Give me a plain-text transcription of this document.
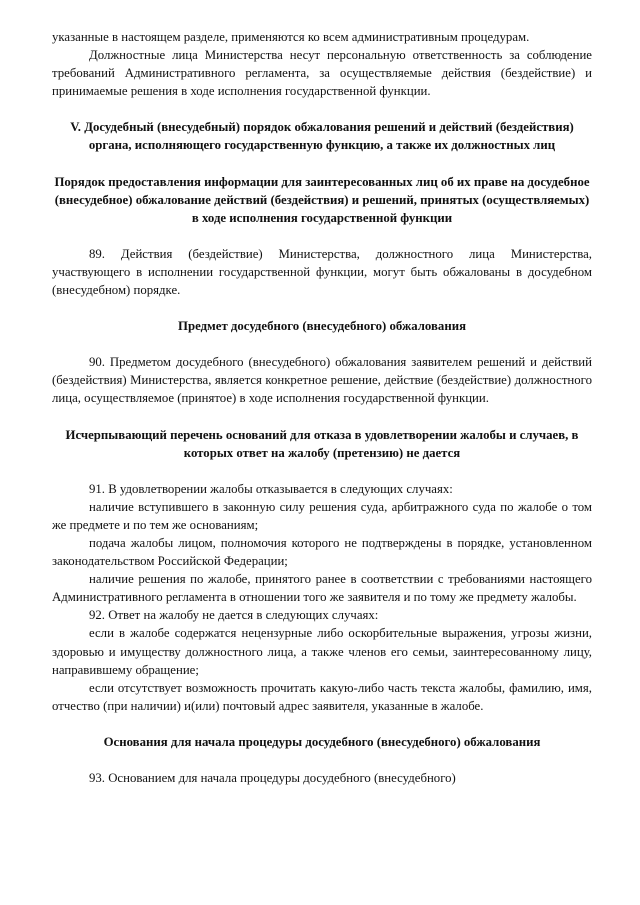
указанные в настоящем разделе, применяются ко всем административным процедурам.

Должностные лица Министерства несут персональную ответственность за соблюдение требований Административного регламента, за осуществляемые действия (бездействие) и принимаемые решения в ходе исполнения государственной функции.

V. Досудебный (внесудебный) порядок обжалования решений и действий (бездействия) органа, исполняющего государственную функцию, а также их должностных лиц
Порядок предоставления информации для заинтересованных лиц об их праве на досудебное (внесудебное) обжалование действий (бездействия) и решений, принятых (осуществляемых) в ходе исполнения государственной функции

89. Действия (бездействие) Министерства, должностного лица Министерства, участвующего в исполнении государственной функции, могут быть обжалованы в досудебном (внесудебном) порядке.

Предмет досудебного (внесудебного) обжалования

90. Предметом досудебного (внесудебного) обжалования заявителем решений и действий (бездействия) Министерства, является конкретное решение, действие (бездействие) должностного лица, осуществляемое (принятое) в ходе исполнения государственной функции.

Исчерпывающий перечень оснований для отказа в удовлетворении жалобы и случаев, в которых ответ на жалобу (претензию) не дается

91. В удовлетворении жалобы отказывается в следующих случаях:

наличие вступившего в законную силу решения суда, арбитражного суда по жалобе о том же предмете и по тем же основаниям;

подача жалобы лицом, полномочия которого не подтверждены в порядке, установленном законодательством Российской Федерации;

наличие решения по жалобе, принятого ранее в соответствии с требованиями настоящего Административного регламента в отношении того же заявителя и по тому же предмету жалобы.

92. Ответ на жалобу не дается в следующих случаях:

если в жалобе содержатся нецензурные либо оскорбительные выражения, угрозы жизни, здоровью и имуществу должностного лица, а также членов его семьи, заинтересованному лицу, направившему обращение;

если отсутствует возможность прочитать какую-либо часть текста жалобы, фамилию, имя, отчество (при наличии) и(или) почтовый адрес заявителя, указанные в жалобе.

Основания для начала процедуры досудебного (внесудебного) обжалования

93. Основанием для начала процедуры досудебного (внесудебного)
